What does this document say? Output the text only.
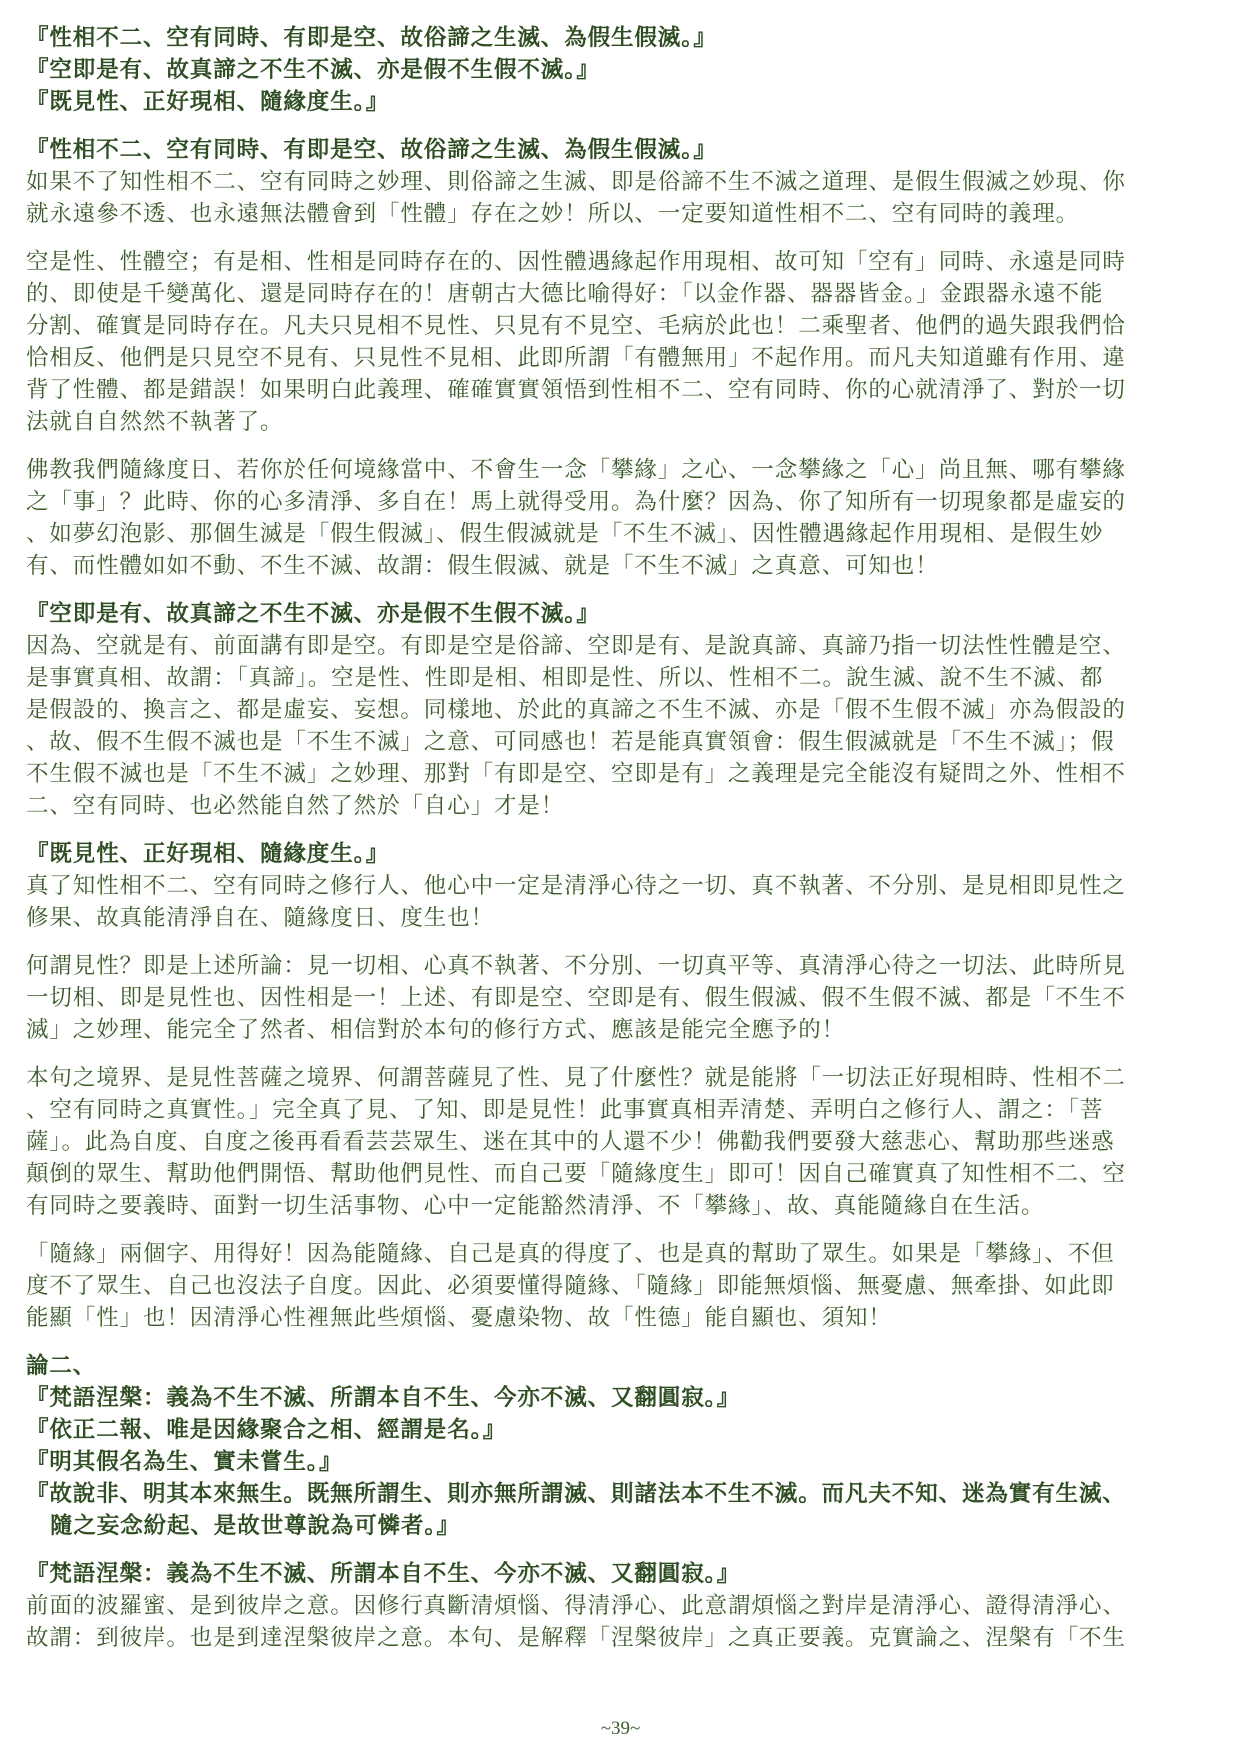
『性相不二、空有同時、有即是空、故俗諦之生滅、為假生假滅。』
『空即是有、故真諦之不生不滅、亦是假不生假不滅。』
『既見性、正好現相、隨緣度生。』
『性相不二、空有同時、有即是空、故俗諦之生滅、為假生假滅。』
如果不了知性相不二、空有同時之妙理、則俗諦之生滅、即是俗諦不生不滅之道理、是假生假滅之妙現、你
就永遠參不透、也永遠無法體會到「性體」存在之妙！所以、一定要知道性相不二、空有同時的義理。
空是性、性體空；有是相、性相是同時存在的、因性體遇緣起作用現相、故可知「空有」同時、永遠是同時
的、即使是千變萬化、還是同時存在的！唐朝古大德比喻得好：「以金作器、器器皆金。」金跟器永遠不能
分割、確實是同時存在。凡夫只見相不見性、只見有不見空、毛病於此也！二乘聖者、他們的過失跟我們恰
恰相反、他們是只見空不見有、只見性不見相、此即所謂「有體無用」不起作用。而凡夫知道雖有作用、違
背了性體、都是錯誤！如果明白此義理、確確實實領悟到性相不二、空有同時、你的心就清淨了、對於一切
法就自自然然不執著了。
佛教我們隨緣度日、若你於任何境緣當中、不會生一念「攀緣」之心、一念攀緣之「心」尚且無、哪有攀緣
之「事」？此時、你的心多清淨、多自在！馬上就得受用。為什麼？因為、你了知所有一切現象都是虛妄的
、如夢幻泡影、那個生滅是「假生假滅」、假生假滅就是「不生不滅」、因性體遇緣起作用現相、是假生妙
有、而性體如如不動、不生不滅、故謂：假生假滅、就是「不生不滅」之真意、可知也！
『空即是有、故真諦之不生不滅、亦是假不生假不滅。』
因為、空就是有、前面講有即是空。有即是空是俗諦、空即是有、是說真諦、真諦乃指一切法性性體是空、
是事實真相、故謂：「真諦」。空是性、性即是相、相即是性、所以、性相不二。說生滅、說不生不滅、都
是假設的、換言之、都是虛妄、妄想。同樣地、於此的真諦之不生不滅、亦是「假不生假不滅」亦為假設的
、故、假不生假不滅也是「不生不滅」之意、可同感也！若是能真實領會：假生假滅就是「不生不滅」；假
不生假不滅也是「不生不滅」之妙理、那對「有即是空、空即是有」之義理是完全能沒有疑問之外、性相不
二、空有同時、也必然能自然了然於「自心」才是！
『既見性、正好現相、隨緣度生。』
真了知性相不二、空有同時之修行人、他心中一定是清淨心待之一切、真不執著、不分別、是見相即見性之
修果、故真能清淨自在、隨緣度日、度生也！
何謂見性？即是上述所論：見一切相、心真不執著、不分別、一切真平等、真清淨心待之一切法、此時所見
一切相、即是見性也、因性相是一！上述、有即是空、空即是有、假生假滅、假不生假不滅、都是「不生不
滅」之妙理、能完全了然者、相信對於本句的修行方式、應該是能完全應予的！
本句之境界、是見性菩薩之境界、何謂菩薩見了性、見了什麼性？就是能將「一切法正好現相時、性相不二
、空有同時之真實性。」完全真了見、了知、即是見性！此事實真相弄清楚、弄明白之修行人、謂之：「菩
薩」。此為自度、自度之後再看看芸芸眾生、迷在其中的人還不少！佛勸我們要發大慈悲心、幫助那些迷惑
顛倒的眾生、幫助他們開悟、幫助他們見性、而自己要「隨緣度生」即可！因自己確實真了知性相不二、空
有同時之要義時、面對一切生活事物、心中一定能豁然清淨、不「攀緣」、故、真能隨緣自在生活。
「隨緣」兩個字、用得好！因為能隨緣、自己是真的得度了、也是真的幫助了眾生。如果是「攀緣」、不但
度不了眾生、自己也沒法子自度。因此、必須要懂得隨緣、「隨緣」即能無煩惱、無憂慮、無牽掛、如此即
能顯「性」也！因清淨心性裡無此些煩惱、憂慮染物、故「性德」能自顯也、須知！
論二、
『梵語涅槃：義為不生不滅、所謂本自不生、今亦不滅、又翻圓寂。』
『依正二報、唯是因緣聚合之相、經謂是名。』
『明其假名為生、實未嘗生。』
『故說非、明其本來無生。既無所謂生、則亦無所謂滅、則諸法本不生不滅。而凡夫不知、迷為實有生滅、
隨之妄念紛起、是故世尊說為可憐者。』
『梵語涅槃：義為不生不滅、所謂本自不生、今亦不滅、又翻圓寂。』
前面的波羅蜜、是到彼岸之意。因修行真斷清煩惱、得清淨心、此意謂煩惱之對岸是清淨心、證得清淨心、
故謂：到彼岸。也是到達涅槃彼岸之意。本句、是解釋「涅槃彼岸」之真正要義。克實論之、涅槃有「不生
~39~
